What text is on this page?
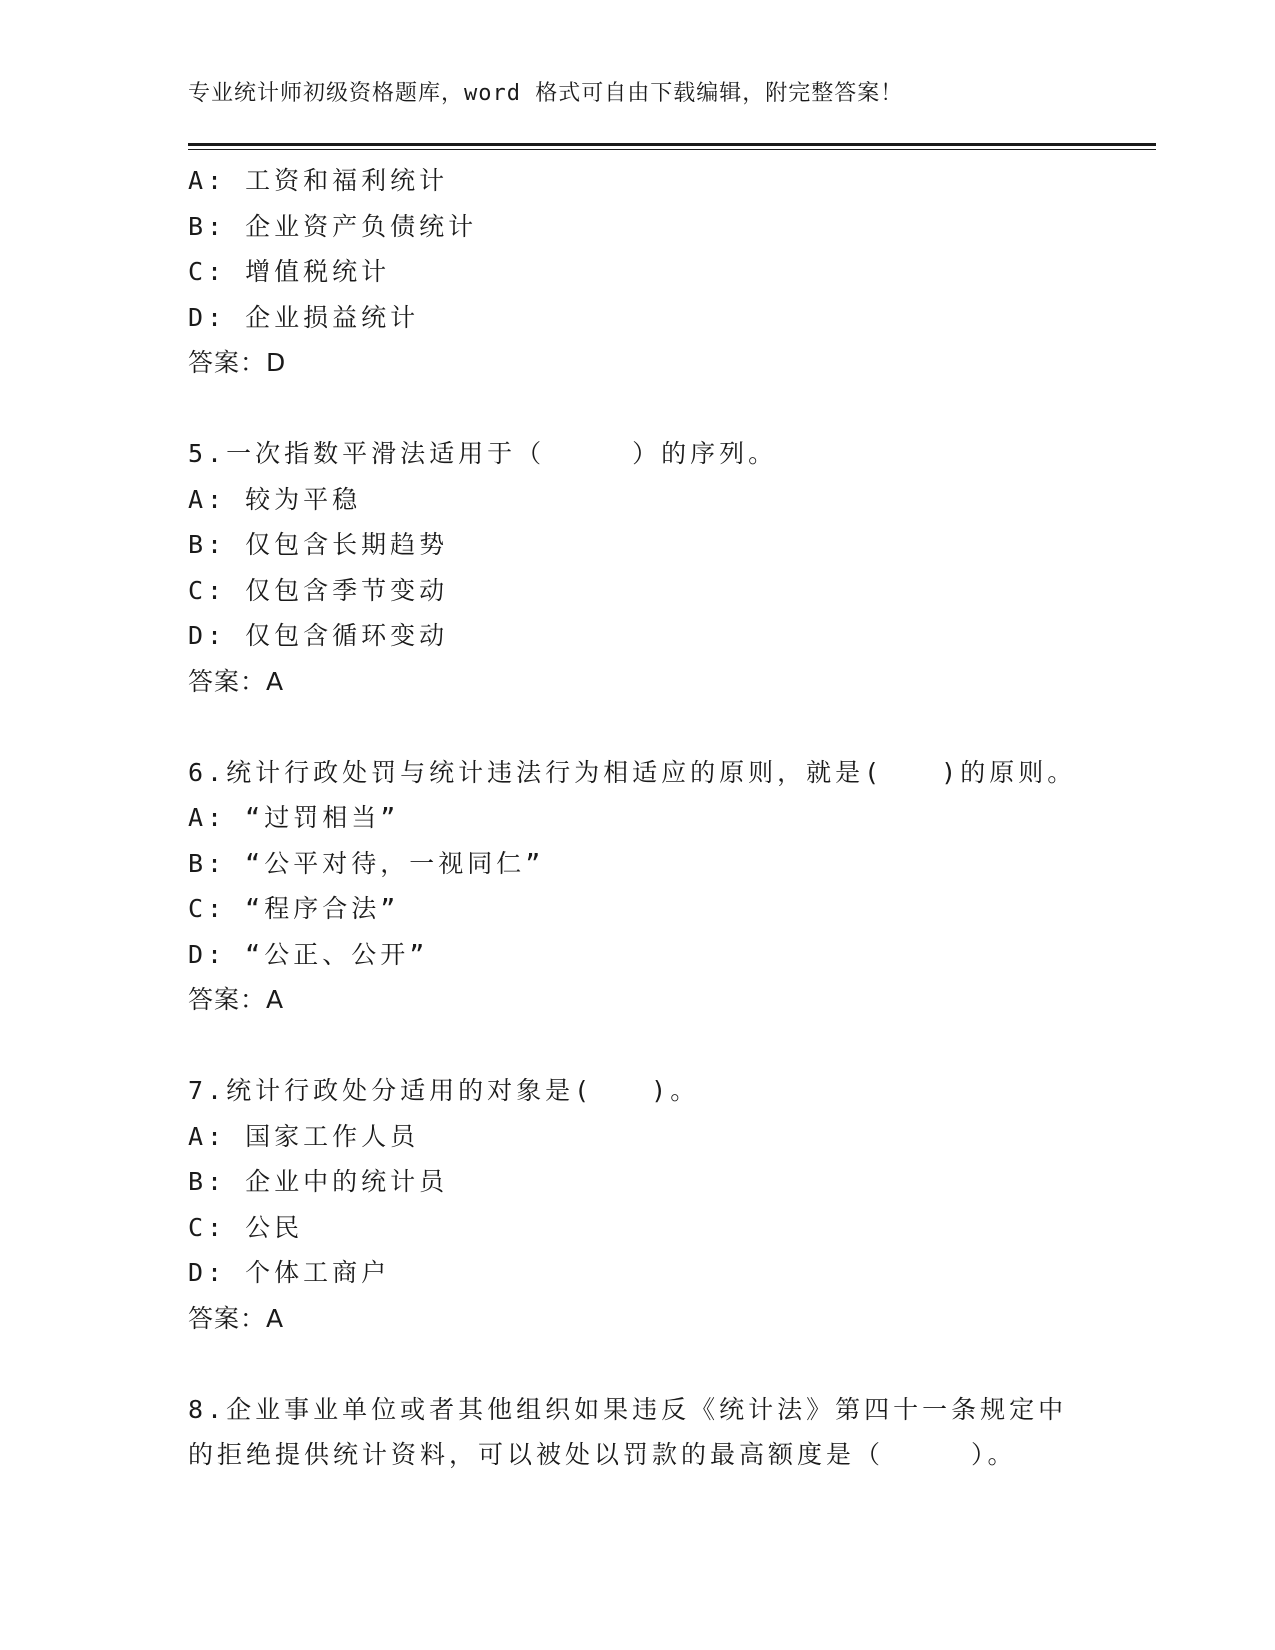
专业统计师初级资格题库，word 格式可自由下载编辑，附完整答案！
A: 工资和福利统计
B: 企业资产负债统计
C: 增值税统计
D: 企业损益统计
答案：D
5.一次指数平滑法适用于（　　　）的序列。
A: 较为平稳
B: 仅包含长期趋势
C: 仅包含季节变动
D: 仅包含循环变动
答案：A
6.统计行政处罚与统计违法行为相适应的原则，就是(　　)的原则。
A: “过罚相当”
B: “公平对待，一视同仁”
C: “程序合法”
D: “公正、公开”
答案：A
7.统计行政处分适用的对象是(　　)。
A: 国家工作人员
B: 企业中的统计员
C: 公民
D: 个体工商户
答案：A
8.企业事业单位或者其他组织如果违反《统计法》第四十一条规定中
的拒绝提供统计资料，可以被处以罚款的最高额度是（　　　）。
